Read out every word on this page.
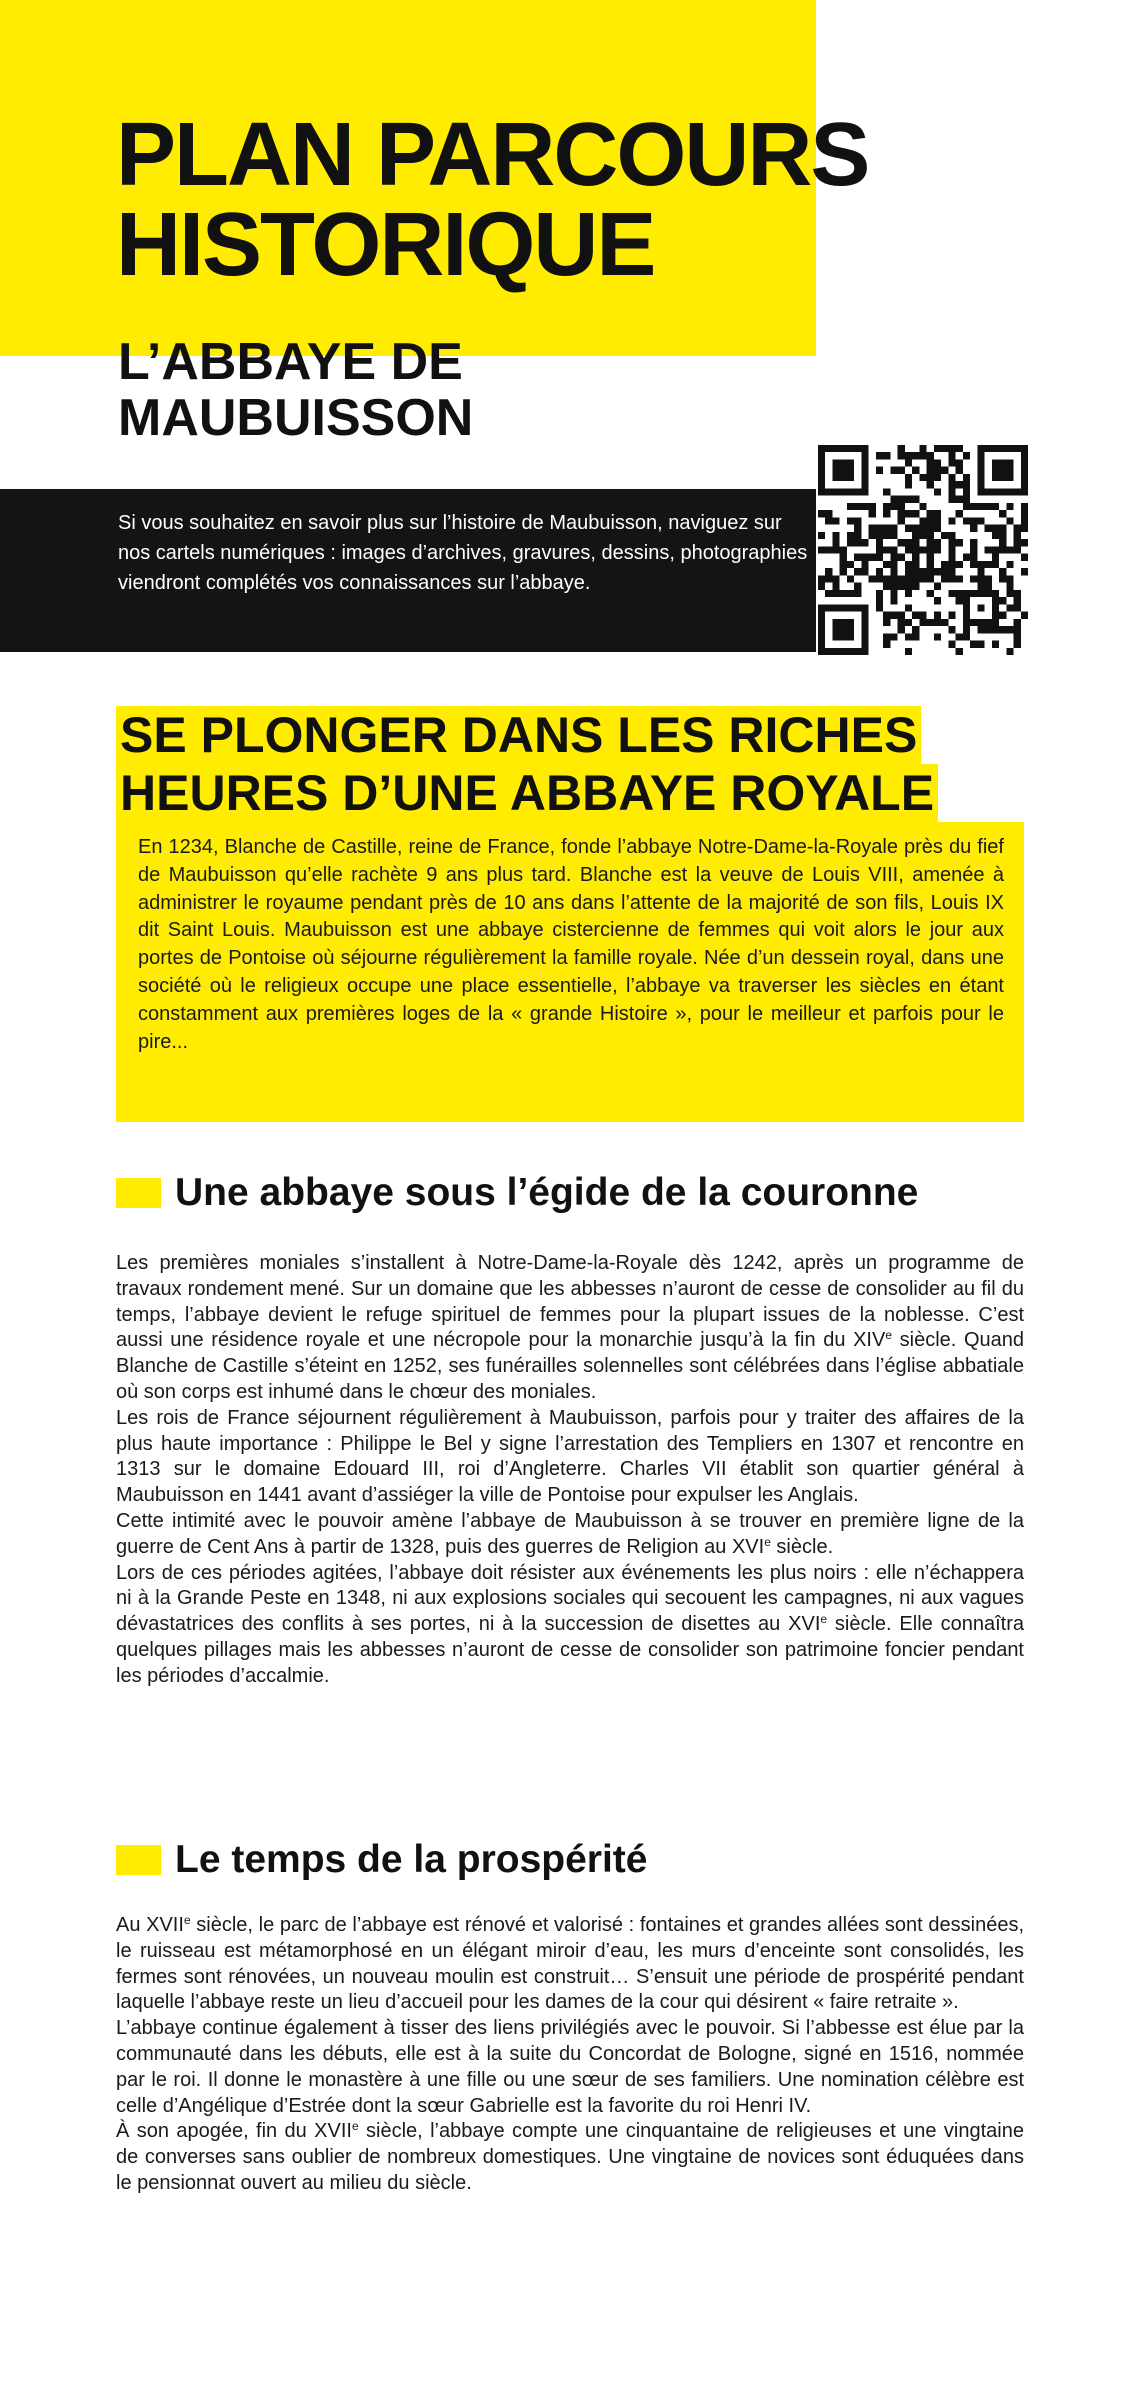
PLAN PARCOURS
HISTORIQUE
L’ABBAYE DE
MAUBUISSON

Si vous souhaitez en savoir plus sur l’histoire de Maubuisson, naviguez sur nos cartels numériques : images d’archives, gravures, dessins, photographies viendront complétés vos connaissances sur l’abbaye.

SE PLONGER DANS LES RICHES
HEURES D’UNE ABBAYE ROYALE

En 1234, Blanche de Castille, reine de France, fonde l’abbaye Notre-Dame-la-Royale près du fief de Maubuisson qu’elle rachète 9 ans plus tard. Blanche est la veuve de Louis VIII, amenée à administrer le royaume pendant près de 10 ans dans l’attente de la majorité de son fils, Louis IX dit Saint Louis. Maubuisson est une abbaye cistercienne de femmes qui voit alors le jour aux portes de Pontoise où séjourne régulièrement la famille royale. Née d’un dessein royal, dans une société où le religieux occupe une place essentielle, l’abbaye va traverser les siècles en étant constamment aux premières loges de la « grande Histoire », pour le meilleur et parfois pour le pire...

Une abbaye sous l’égide de la couronne

Les premières moniales s’installent à Notre-Dame-la-Royale dès 1242, après un programme de travaux rondement mené. Sur un domaine que les abbesses n’auront de cesse de consolider au fil du temps, l’abbaye devient le refuge spirituel de femmes pour la plupart issues de la noblesse. C’est aussi une résidence royale et une nécropole pour la monarchie jusqu’à la fin du XIVe siècle. Quand Blanche de Castille s’éteint en 1252, ses funérailles solennelles sont célébrées dans l’église abbatiale où son corps est inhumé dans le chœur des moniales.

Les rois de France séjournent régulièrement à Maubuisson, parfois pour y traiter des affaires de la plus haute importance : Philippe le Bel y signe l’arrestation des Templiers en 1307 et rencontre en 1313 sur le domaine Edouard III, roi d’Angleterre. Charles VII établit son quartier général à Maubuisson en 1441 avant d’assiéger la ville de Pontoise pour expulser les Anglais.

Cette intimité avec le pouvoir amène l’abbaye de Maubuisson à se trouver en première ligne de la guerre de Cent Ans à partir de 1328, puis des guerres de Religion au XVIe siècle.

Lors de ces périodes agitées, l’abbaye doit résister aux événements les plus noirs : elle n’échappera ni à la Grande Peste en 1348, ni aux explosions sociales qui secouent les campagnes, ni aux vagues dévastatrices des conflits à ses portes, ni à la succession de disettes au XVIe siècle. Elle connaîtra quelques pillages mais les abbesses n’auront de cesse de consolider son patrimoine foncier pendant les périodes d’accalmie.

Le temps de la prospérité

Au XVIIe siècle, le parc de l’abbaye est rénové et valorisé : fontaines et grandes allées sont dessinées, le ruisseau est métamorphosé en un élégant miroir d’eau, les murs d’enceinte sont consolidés, les fermes sont rénovées, un nouveau moulin est construit… S’ensuit une période de prospérité pendant laquelle l’abbaye reste un lieu d’accueil pour les dames de la cour qui désirent « faire retraite ».

L’abbaye continue également à tisser des liens privilégiés avec le pouvoir. Si l’abbesse est élue par la communauté dans les débuts, elle est à la suite du Concordat de Bologne, signé en 1516, nommée par le roi. Il donne le monastère à une fille ou une sœur de ses familiers. Une nomination célèbre est celle d’Angélique d’Estrée dont la sœur Gabrielle est la favorite du roi Henri IV.

À son apogée, fin du XVIIe siècle, l’abbaye compte une cinquantaine de religieuses et une vingtaine de converses sans oublier de nombreux domestiques. Une vingtaine de novices sont éduquées dans le pensionnat ouvert au milieu du siècle.
